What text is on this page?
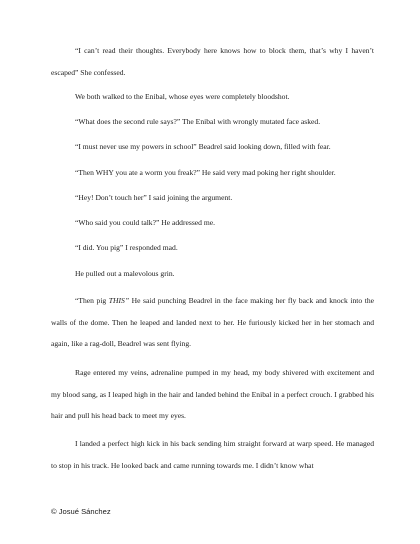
“I can’t read their thoughts. Everybody here knows how to block them, that’s why I haven’t escaped” She confessed.

We both walked to the Enibal, whose eyes were completely bloodshot.

“What does the second rule says?” The Enibal with wrongly mutated face asked.

“I must never use my powers in school” Beadrel said looking down, filled with fear.

“Then WHY you ate a worm you freak?” He said very mad poking her right shoulder.

“Hey! Don’t touch her” I said joining the argument.

“Who said you could talk?” He addressed me.

“I did. You pig” I responded mad.

He pulled out a malevolous grin.

“Then pig THIS” He said punching Beadrel in the face making her fly back and knock into the walls of the dome. Then he leaped and landed next to her. He furiously kicked her in her stomach and again, like a rag-doll, Beadrel was sent flying.

Rage entered my veins, adrenaline pumped in my head, my body shivered with excitement and my blood sang, as I leaped high in the hair and landed behind the Enibal in a perfect crouch. I grabbed his hair and pull his head back to meet my eyes.

I landed a perfect high kick in his back sending him straight forward at warp speed. He managed to stop in his track. He looked back and came running towards me. I didn’t know what

© Josué Sánchez
